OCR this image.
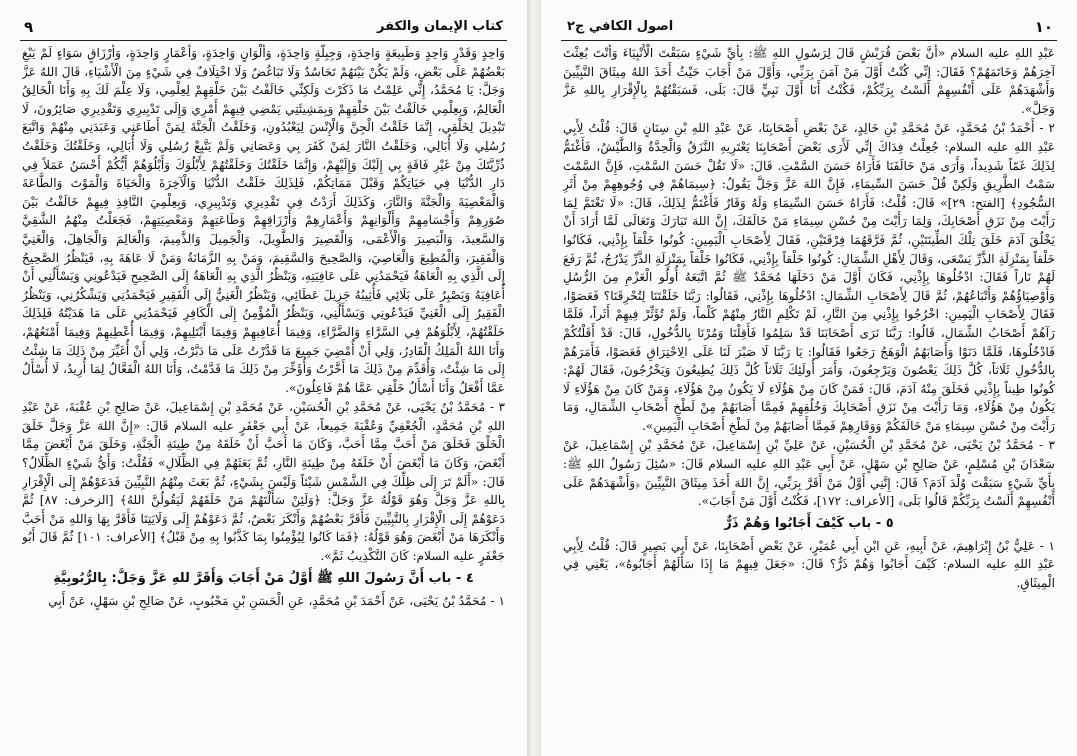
٩	كتاب الإيمان والكفر

وَاحِدٍ وَقَدْرٍ وَاحِدٍ وَطَبِيعَةٍ وَاحِدَةٍ، وَجِبِلَّةٍ وَاحِدَةٍ، وَأَلْوَانٍ وَاحِدَةٍ، وَأَعْمَارٍ وَاحِدَةٍ، وَأَرْزَاقٍ سَوَاءٍ لَمْ يَبْغِ بَعْضُهُمْ عَلَى بَعْضٍ، وَلَمْ يَكُنْ بَيْنَهُمْ تَحَاسُدٌ وَلَا تَبَاغُضٌ وَلَا اخْتِلَافٌ فِي شَيْءٍ مِنَ الْأَشْيَاءِ، قَالَ اللهُ عَزَّ وَجَلَّ: يَا مُحَمَّدُ، إِنِّي عَلِمْتُ مَا ذَكَرْتَ وَلَكِنِّي خَالَفْتُ بَيْنَ خَلْقِهِمْ لِعِلْمِي، وَلَا عِلْمَ لَكَ بِهِ وَأَنَا الْخَالِقُ الْعَالِمُ، وَبِعِلْمِي خَالَفْتُ بَيْنَ خَلْقِهِمْ وَبِمَشِيئَتِي يَمْضِي فِيهِمْ أَمْرِي وَإِلَى تَدْبِيرِي وَتَقْدِيرِي صَائِرُونَ، لَا تَبْدِيلَ لِخَلْقِي، إِنَّمَا خَلَقْتُ الْجِنَّ وَالْإِنْسَ لِيَعْبُدُونِ، وَخَلَقْتُ الْجَنَّةَ لِمَنْ أَطَاعَنِي وَعَبَدَنِي مِنْهُمْ وَاتَّبَعَ رُسُلِي وَلَا أُبَالِي، وَخَلَقْتُ النَّارَ لِمَنْ كَفَرَ بِي وَعَصَانِي وَلَمْ يَتَّبِعْ رُسُلِي وَلَا أُبَالِي، وَخَلَقْتُكَ وَخَلَقْتُ ذُرِّيَّتَكَ مِنْ غَيْرِ فَاقَةٍ بِي إِلَيْكَ وَإِلَيْهِمْ، وَإِنَّمَا خَلَقْتُكَ وَخَلَقْتُهُمْ لِأَبْلُوَكَ وَأَبْلُوَهُمْ أَيُّكُمْ أَحْسَنُ عَمَلاً فِي دَارِ الدُّنْيَا فِي حَيَاتِكُمْ وَقَبْلَ مَمَاتِكُمْ، فَلِذَلِكَ خَلَقْتُ الدُّنْيَا وَالْآخِرَةَ وَالْحَيَاةَ وَالْمَوْتَ وَالطَّاعَةَ وَالْمَعْصِيَةَ وَالْجَنَّةَ وَالنَّارَ، وَكَذَلِكَ أَرَدْتُ فِي تَقْدِيرِي وَتَدْبِيرِي، وَبِعِلْمِيَ النَّافِذِ فِيهِمْ خَالَفْتُ بَيْنَ صُوَرِهِمْ وَأَجْسَامِهِمْ وَأَلْوَانِهِمْ وَأَعْمَارِهِمْ وَأَرْزَاقِهِمْ وَطَاعَتِهِمْ وَمَعْصِيَتِهِمْ، فَجَعَلْتُ مِنْهُمُ الشَّقِيَّ وَالسَّعِيدَ، وَالْبَصِيرَ وَالْأَعْمَى، وَالْقَصِيرَ وَالطَّوِيلَ، وَالْجَمِيلَ وَالذَّمِيمَ، وَالْعَالِمَ وَالْجَاهِلَ، وَالْغَنِيَّ وَالْفَقِيرَ، وَالْمُطِيعَ وَالْعَاصِيَ، وَالصَّحِيحَ وَالسَّقِيمَ، وَمَنْ بِهِ الزَّمَانَةُ وَمَنْ لَا عَاهَةَ بِهِ، فَيَنْظُرُ الصَّحِيحُ إِلَى الَّذِي بِهِ الْعَاهَةُ فَيَحْمَدُنِي عَلَى عَافِيَتِهِ، وَيَنْظُرُ الَّذِي بِهِ الْعَاهَةُ إِلَى الصَّحِيحِ فَيَدْعُونِي وَيَسْأَلُنِي أَنْ أُعَافِيَهُ وَيَصْبِرُ عَلَى بَلَائِي فَأُثِيبُهُ جَزِيلَ عَطَائِي، وَيَنْظُرُ الْغَنِيُّ إِلَى الْفَقِيرِ فَيَحْمَدُنِي وَيَشْكُرُنِي، وَيَنْظُرُ الْفَقِيرُ إِلَى الْغَنِيِّ فَيَدْعُونِي وَيَسْأَلُنِي، وَيَنْظُرُ الْمُؤْمِنُ إِلَى الْكَافِرِ فَيَحْمَدُنِي عَلَى مَا هَدَيْتُهُ فَلِذَلِكَ خَلَقْتُهُمْ، لِأَبْلُوَهُمْ فِي السَّرَّاءِ وَالضَّرَّاءِ، وَفِيمَا أُعَافِيهِمْ وَفِيمَا أَبْتَلِيهِمْ، وَفِيمَا أُعْطِيهِمْ وَفِيمَا أَمْنَعُهُمْ، وَأَنَا اللهُ الْمَلِكُ الْقَادِرُ، وَلِي أَنْ أُمْضِيَ جَمِيعَ مَا قَدَّرْتُ عَلَى مَا دَبَّرْتُ، وَلِي أَنْ أُغَيِّرَ مِنْ ذَلِكَ مَا شِئْتُ إِلَى مَا شِئْتُ، وَأُقَدِّمَ مِنْ ذَلِكَ مَا أَخَّرْتُ وَأُؤَخِّرَ مِنْ ذَلِكَ مَا قَدَّمْتُ، وَأَنَا اللهُ الْفَعَّالُ لِمَا أُرِيدُ، لَا أُسْأَلُ عَمَّا أَفْعَلُ وَأَنَا أَسْأَلُ خَلْقِي عَمَّا هُمْ فَاعِلُونَ».

٣ - مُحَمَّدُ بْنُ يَحْيَى، عَنْ مُحَمَّدِ بْنِ الْحُسَيْنِ، عَنْ مُحَمَّدِ بْنِ إِسْمَاعِيلَ، عَنْ صَالِحِ بْنِ عُقْبَةَ، عَنْ عَبْدِ اللهِ بْنِ مُحَمَّدٍ، الْجُعْفِيِّ وَعُقْبَةَ جَمِيعاً، عَنْ أَبِي جَعْفَرٍ عليه السلام قَالَ: «إِنَّ اللهَ عَزَّ وَجَلَّ خَلَقَ الْخَلْقَ فَخَلَقَ مَنْ أَحَبَّ مِمَّا أَحَبَّ، وَكَانَ مَا أَحَبَّ أَنْ خَلَقَهُ مِنْ طِينَةِ الْجَنَّةِ، وَخَلَقَ مَنْ أَبْغَضَ مِمَّا أَبْغَضَ، وَكَانَ مَا أَبْغَضَ أَنْ خَلَقَهُ مِنْ طِينَةِ النَّارِ، ثُمَّ بَعَثَهُمْ فِي الظِّلَالِ» فَقُلْتُ: وَأَيُّ شَيْءٍ الظِّلَالُ؟ قَالَ: «أَلَمْ تَرَ إِلَى ظِلِّكَ فِي الشَّمْسِ شَيْئاً وَلَيْسَ بِشَيْءٍ، ثُمَّ بَعَثَ مِنْهُمُ النَّبِيِّينَ فَدَعَوْهُمْ إِلَى الْإِقْرَارِ بِاللهِ عَزَّ وَجَلَّ وَهُوَ قَوْلُهُ عَزَّ وَجَلَّ: ﴿وَلَئِنْ سَأَلْتَهُمْ مَنْ خَلَقَهُمْ لَيَقُولُنَّ اللهُ﴾ [الزخرف: ٨٧] ثُمَّ دَعَوْهُمْ إِلَى الْإِقْرَارِ بِالنَّبِيِّينَ فَأَقَرَّ بَعْضُهُمْ وَأَنْكَرَ بَعْضٌ، ثُمَّ دَعَوْهُمْ إِلَى وَلَايَتِنَا فَأَقَرَّ بِهَا وَاللهِ مَنْ أَحَبَّ وَأَنْكَرَهَا مَنْ أَبْغَضَ وَهُوَ قَوْلُهُ: ﴿فَمَا كَانُوا لِيُؤْمِنُوا بِمَا كَذَّبُوا بِهِ مِنْ قَبْلُ﴾ [الأعراف: ١٠١] ثُمَّ قَالَ أَبُو جَعْفَرٍ عليه السلام: كَانَ التَّكْذِيبُ ثَمَّ».

٤ - باب أَنَّ رَسُولَ اللهِ ﷺ أَوَّلُ مَنْ أَجَابَ وَأَقَرَّ للهِ عَزَّ وَجَلَّ: بِالرُّبُوبِيَّةِ

١ - مُحَمَّدُ بْنُ يَحْيَى، عَنْ أَحْمَدَ بْنِ مُحَمَّدٍ، عَنِ الْحَسَنِ بْنِ مَحْبُوبٍ، عَنْ صَالِحِ بْنِ سَهْلٍ، عَنْ أَبِي

١٠
اصول الكافي ج٢

عَبْدِ اللهِ عليه السلام «أَنَّ بَعْضَ قُرَيْشٍ قَالَ لِرَسُولِ اللهِ ﷺ: بِأَيِّ شَيْءٍ سَبَقْتَ الْأَنْبِيَاءَ وَأَنْتَ بُعِثْتَ آخِرَهُمْ وَخَاتَمَهُمْ؟ فَقَالَ: إِنِّي كُنْتُ أَوَّلَ مَنْ آمَنَ بِرَبِّي، وَأَوَّلَ مَنْ أَجَابَ حَيْثُ أَخَذَ اللهُ مِيثَاقَ النَّبِيِّينَ وَأَشْهَدَهُمْ عَلَى أَنْفُسِهِمْ أَلَسْتُ بِرَبِّكُمْ، فَكُنْتُ أَنَا أَوَّلَ نَبِيٍّ قَالَ: بَلَى، فَسَبَقْتُهُمْ بِالْإِقْرَارِ بِاللهِ عَزَّ وَجَلَّ».

٢ - أَحْمَدُ بْنُ مُحَمَّدٍ، عَنْ مُحَمَّدِ بْنِ خَالِدٍ، عَنْ بَعْضِ أَصْحَابِنَا، عَنْ عَبْدِ اللهِ بْنِ سِنَانٍ قَالَ: قُلْتُ لِأَبِي عَبْدِ اللهِ عليه السلام: جُعِلْتُ فِدَاكَ إِنِّي لَأَرَى بَعْضَ أَصْحَابِنَا يَعْتَرِيهِ النَّزَقُ وَالْحِدَّةُ وَالطَّيْشُ، فَأَغْتَمُّ لِذَلِكَ غَمّاً شَدِيداً، وَأَرَى مَنْ خَالَفَنَا فَأَرَاهُ حَسَنَ السَّمْتِ. قَالَ: «لَا تَقُلْ حَسَنَ السَّمْتِ، فَإِنَّ السَّمْتَ سَمْتُ الطَّرِيقِ وَلَكِنْ قُلْ حَسَنَ السِّيمَاءِ، فَإِنَّ اللهَ عَزَّ وَجَلَّ يَقُولُ: ﴿سِيمَاهُمْ فِي وُجُوهِهِمْ مِنْ أَثَرِ السُّجُودِ﴾ [الفتح: ٢٩]» قَالَ: قُلْتُ: فَأَرَاهُ حَسَنَ السِّيمَاءِ وَلَهُ وَقَارٌ فَأَغْتَمُّ لِذَلِكَ، قَالَ: «لَا تَغْتَمَّ لِمَا رَأَيْتَ مِنْ نَزَقِ أَصْحَابِكَ، وَلِمَا رَأَيْتَ مِنْ حُسْنِ سِيمَاءِ مَنْ خَالَفَكَ، إِنَّ اللهَ تَبَارَكَ وَتَعَالَى لَمَّا أَرَادَ أَنْ يَخْلُقَ آدَمَ خَلَقَ تِلْكَ الطِّينَتَيْنِ، ثُمَّ فَرَّقَهُمَا فِرْقَتَيْنِ، فَقَالَ لِأَصْحَابِ الْيَمِينِ: كُونُوا خَلْقاً بِإِذْنِي، فَكَانُوا خَلْقاً بِمَنْزِلَةِ الذَّرِّ يَسْعَى، وَقَالَ لِأَهْلِ الشِّمَالِ: كُونُوا خَلْقاً بِإِذْنِي، فَكَانُوا خَلْقاً بِمَنْزِلَةِ الذَّرِّ يَدْرُجُ، ثُمَّ رَفَعَ لَهُمْ نَاراً فَقَالَ: ادْخُلُوهَا بِإِذْنِي، فَكَانَ أَوَّلَ مَنْ دَخَلَهَا مُحَمَّدٌ ﷺ ثُمَّ اتَّبَعَهُ أُولُو الْعَزْمِ مِنَ الرُّسُلِ وَأَوْصِيَاؤُهُمْ وَأَتْبَاعُهُمْ، ثُمَّ قَالَ لِأَصْحَابِ الشِّمَالِ: ادْخُلُوهَا بِإِذْنِي، فَقَالُوا: رَبَّنَا خَلَقْتَنَا لِتُحْرِقَنَا؟ فَعَصَوْا، فَقَالَ لِأَصْحَابِ الْيَمِينِ: اخْرُجُوا بِإِذْنِي مِنَ النَّارِ، لَمْ تَكْلِمِ النَّارُ مِنْهُمْ كَلْماً، وَلَمْ تُؤَثِّرْ فِيهِمْ أَثَراً، فَلَمَّا رَآهُمْ أَصْحَابُ الشِّمَالِ، قَالُوا: رَبَّنَا نَرَى أَصْحَابَنَا قَدْ سَلِمُوا فَأَقِلْنَا وَمُرْنَا بِالدُّخُولِ، قَالَ: قَدْ أَقَلْتُكُمْ فَادْخُلُوهَا، فَلَمَّا دَنَوْا وَأَصَابَهُمُ الْوَهَجُ رَجَعُوا فَقَالُوا: يَا رَبَّنَا لَا صَبْرَ لَنَا عَلَى الِاحْتِرَاقِ فَعَصَوْا، فَأَمَرَهُمْ بِالدُّخُولِ ثَلَاثاً، كُلَّ ذَلِكَ يَعْصُونَ وَيَرْجِعُونَ، وَأَمَرَ أُولَئِكَ ثَلَاثاً كُلَّ ذَلِكَ يُطِيعُونَ وَيَخْرُجُونَ، فَقَالَ لَهُمْ: كُونُوا طِيناً بِإِذْنِي فَخَلَقَ مِنْهُ آدَمَ، قَالَ: فَمَنْ كَانَ مِنْ هَؤُلَاءِ لَا يَكُونُ مِنْ هَؤُلَاءِ، وَمَنْ كَانَ مِنْ هَؤُلَاءِ لَا يَكُونُ مِنْ هَؤُلَاءِ، وَمَا رَأَيْتَ مِنْ نَزَقِ أَصْحَابِكَ وَخُلُقِهِمْ فَمِمَّا أَصَابَهُمْ مِنْ لَطْخِ أَصْحَابِ الشِّمَالِ، وَمَا رَأَيْتَ مِنْ حُسْنِ سِيمَاءِ مَنْ خَالَفَكُمْ وَوَقَارِهِمْ فَمِمَّا أَصَابَهُمْ مِنْ لَطْخِ أَصْحَابِ الْيَمِينِ».

٣ - مُحَمَّدُ بْنُ يَحْيَى، عَنْ مُحَمَّدِ بْنِ الْحُسَيْنِ، عَنْ عَلِيِّ بْنِ إِسْمَاعِيلَ، عَنْ مُحَمَّدِ بْنِ إِسْمَاعِيلَ، عَنْ سَعْدَانَ بْنِ مُسْلِمٍ، عَنْ صَالِحِ بْنِ سَهْلٍ، عَنْ أَبِي عَبْدِ اللهِ عليه السلام قَالَ: «سُئِلَ رَسُولُ اللهِ ﷺ: بِأَيِّ شَيْءٍ سَبَقْتَ وُلْدَ آدَمَ؟ قَالَ: إِنَّنِي أَوَّلُ مَنْ أَقَرَّ بِرَبِّي، إِنَّ اللهَ أَخَذَ مِيثَاقَ النَّبِيِّينَ ﴿وَأَشْهَدَهُمْ عَلَى أَنْفُسِهِمْ أَلَسْتُ بِرَبِّكُمْ قَالُوا بَلَى﴾ [الأعراف: ١٧٢]، فَكُنْتُ أَوَّلَ مَنْ أَجَابَ».

٥ - باب كَيْفَ أَجَابُوا وَهُمْ ذَرٌّ

١ - عَلِيُّ بْنُ إِبْرَاهِيمَ، عَنْ أَبِيهِ، عَنِ ابْنِ أَبِي عُمَيْرٍ، عَنْ بَعْضِ أَصْحَابِنَا، عَنْ أَبِي بَصِيرٍ قَالَ: قُلْتُ لِأَبِي عَبْدِ اللهِ عليه السلام: كَيْفَ أَجَابُوا وَهُمْ ذَرٌّ؟ قَالَ: «جَعَلَ فِيهِمْ مَا إِذَا سَأَلَهُمْ أَجَابُوهُ»، يَعْنِي فِي الْمِيثَاقِ.
